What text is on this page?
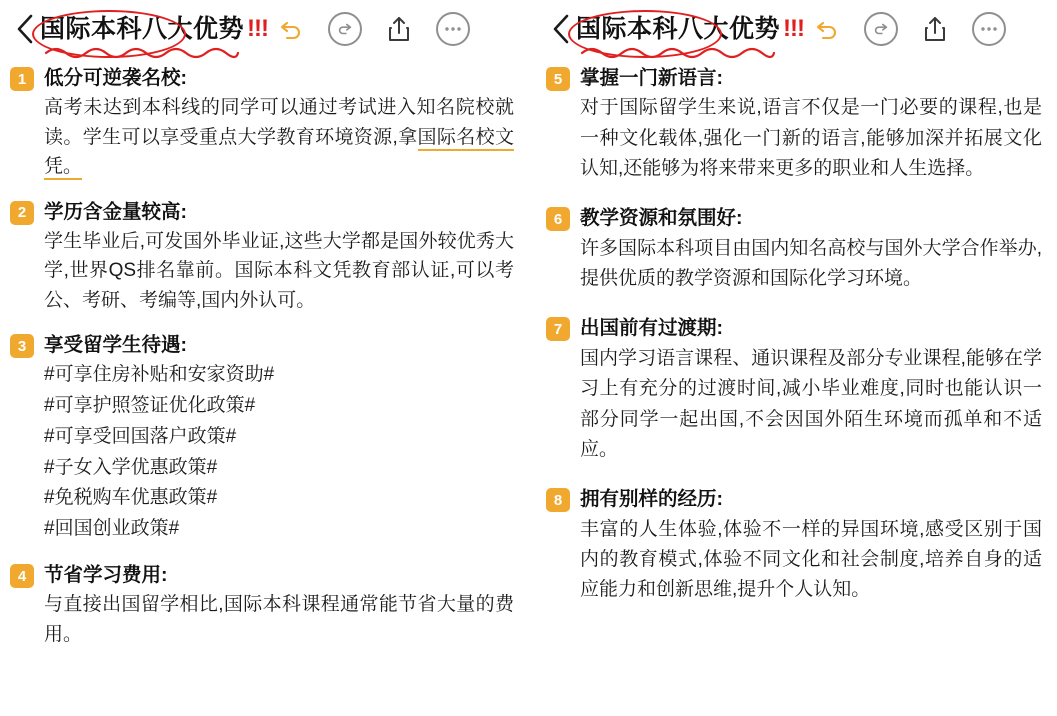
国际本科八大优势 !!!
1 低分可逆袭名校:
高考未达到本科线的同学可以通过考试进入知名院校就读。学生可以享受重点大学教育环境资源,拿国际名校文凭。
2 学历含金量较高:
学生毕业后,可发国外毕业证,这些大学都是国外较优秀大学,世界QS排名靠前。国际本科文凭教育部认证,可以考公、考研、考编等,国内外认可。
3 享受留学生待遇:
#可享住房补贴和安家资助#
#可享护照签证优化政策#
#可享受回国落户政策#
#子女入学优惠政策#
#免税购车优惠政策#
#回国创业政策#
4 节省学习费用:
与直接出国留学相比,国际本科课程通常能节省大量的费用。
国际本科八大优势 !!!
5 掌握一门新语言:
对于国际留学生来说,语言不仅是一门必要的课程,也是一种文化载体,强化一门新的语言,能够加深并拓展文化认知,还能够为将来带来更多的职业和人生选择。
6 教学资源和氛围好:
许多国际本科项目由国内知名高校与国外大学合作举办,提供优质的教学资源和国际化学习环境。
7 出国前有过渡期:
国内学习语言课程、通识课程及部分专业课程,能够在学习上有充分的过渡时间,减小毕业难度,同时也能认识一部分同学一起出国,不会因国外陌生环境而孤单和不适应。
8 拥有别样的经历:
丰富的人生体验,体验不一样的异国环境,感受区别于国内的教育模式,体验不同文化和社会制度,培养自身的适应能力和创新思维,提升个人认知。
